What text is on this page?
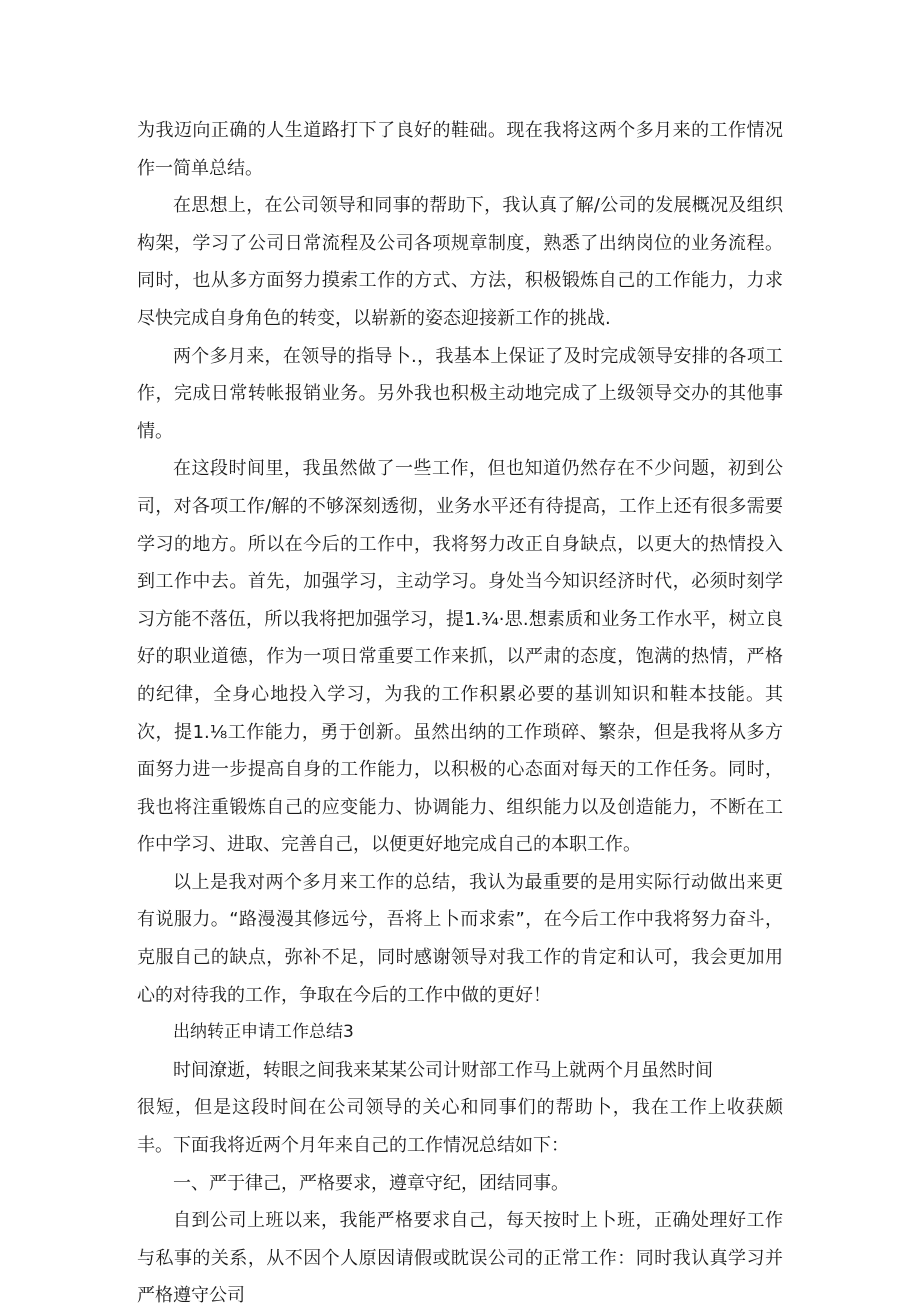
为我迈向正确的人生道路打下了良好的鞋础。现在我将这两个多月来的工作情况作一简单总结。

在思想上，在公司领导和同事的帮助下，我认真了解/公司的发展概况及组织构架，学习了公司日常流程及公司各项规章制度，熟悉了出纳岗位的业务流程。同时，也从多方面努力摸索工作的方式、方法，积极锻炼自己的工作能力，力求尽快完成自身角色的转变，以崭新的姿态迎接新工作的挑战.

两个多月来，在领导的指导卜.，我基本上保证了及时完成领导安排的各项工作，完成日常转帐报销业务。另外我也积极主动地完成了上级领导交办的其他事情。

在这段时间里，我虽然做了一些工作，但也知道仍然存在不少问题，初到公司，对各项工作/解的不够深刻透彻，业务水平还有待提高，工作上还有很多需要学习的地方。所以在今后的工作中，我将努力改正自身缺点，以更大的热情投入到工作中去。首先，加强学习，主动学习。身处当今知识经济时代，必须时刻学习方能不落伍，所以我将把加强学习，提1.¾·思.想素质和业务工作水平，树立良好的职业道德，作为一项日常重要工作来抓，以严肃的态度，饱满的热情，严格的纪律，全身心地投入学习，为我的工作积累必要的基训知识和鞋本技能。其次，提1.⅛工作能力，勇于创新。虽然出纳的工作琐碎、繁杂，但是我将从多方面努力进一步提高自身的工作能力，以积极的心态面对每天的工作任务。同时，我也将注重锻炼自己的应变能力、协调能力、组织能力以及创造能力，不断在工作中学习、进取、完善自己，以便更好地完成自己的本职工作。

以上是我对两个多月来工作的总结，我认为最重要的是用实际行动做出来更有说服力。“路漫漫其修远兮，吾将上卜而求索”，在今后工作中我将努力奋斗，克服自己的缺点，弥补不足，同时感谢领导对我工作的肯定和认可，我会更加用心的对待我的工作，争取在今后的工作中做的更好！

出纳转正申请工作总结3

时间潦逝，转眼之间我来某某公司计财部工作马上就两个月虽然时间

很短，但是这段时间在公司领导的关心和同事们的帮助卜，我在工作上收获颇丰。下面我将近两个月年来自己的工作情况总结如下：

一、严于律己，严格要求，遵章守纪，团结同事。

自到公司上班以来，我能严格要求自己，每天按时上卜班，正确处理好工作与私事的关系，从不因个人原因请假或眈误公司的正常工作：同时我认真学习并严格遵守公司
